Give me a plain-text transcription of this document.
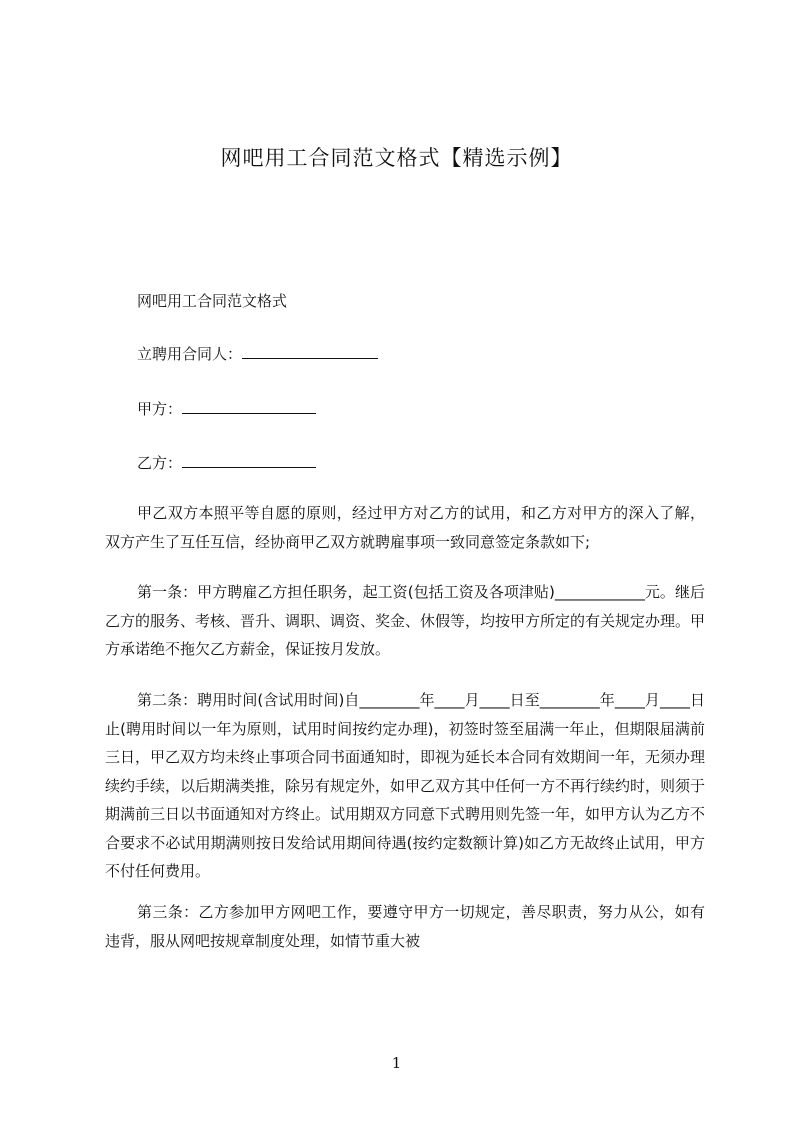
网吧用工合同范文格式【精选示例】
网吧用工合同范文格式
立聘用合同人：
甲方：
乙方：
甲乙双方本照平等自愿的原则，经过甲方对乙方的试用，和乙方对甲方的深入了解，双方产生了互任互信，经协商甲乙双方就聘雇事项一致同意签定条款如下;
第一条：甲方聘雇乙方担任职务，起工资(包括工资及各项津贴)____________元。继后乙方的服务、考核、晋升、调职、调资、奖金、休假等，均按甲方所定的有关规定办理。甲方承诺绝不拖欠乙方薪金，保证按月发放。
第二条：聘用时间(含试用时间)自________年____月____日至________年____月____日止(聘用时间以一年为原则，试用时间按约定办理)，初签时签至届满一年止，但期限届满前三日，甲乙双方均未终止事项合同书面通知时，即视为延长本合同有效期间一年，无须办理续约手续，以后期满类推，除另有规定外，如甲乙双方其中任何一方不再行续约时，则须于期满前三日以书面通知对方终止。试用期双方同意下式聘用则先签一年，如甲方认为乙方不合要求不必试用期满则按日发给试用期间待遇(按约定数额计算)如乙方无故终止试用，甲方不付任何费用。
第三条：乙方参加甲方网吧工作，要遵守甲方一切规定，善尽职责，努力从公，如有违背，服从网吧按规章制度处理，如情节重大被
1
